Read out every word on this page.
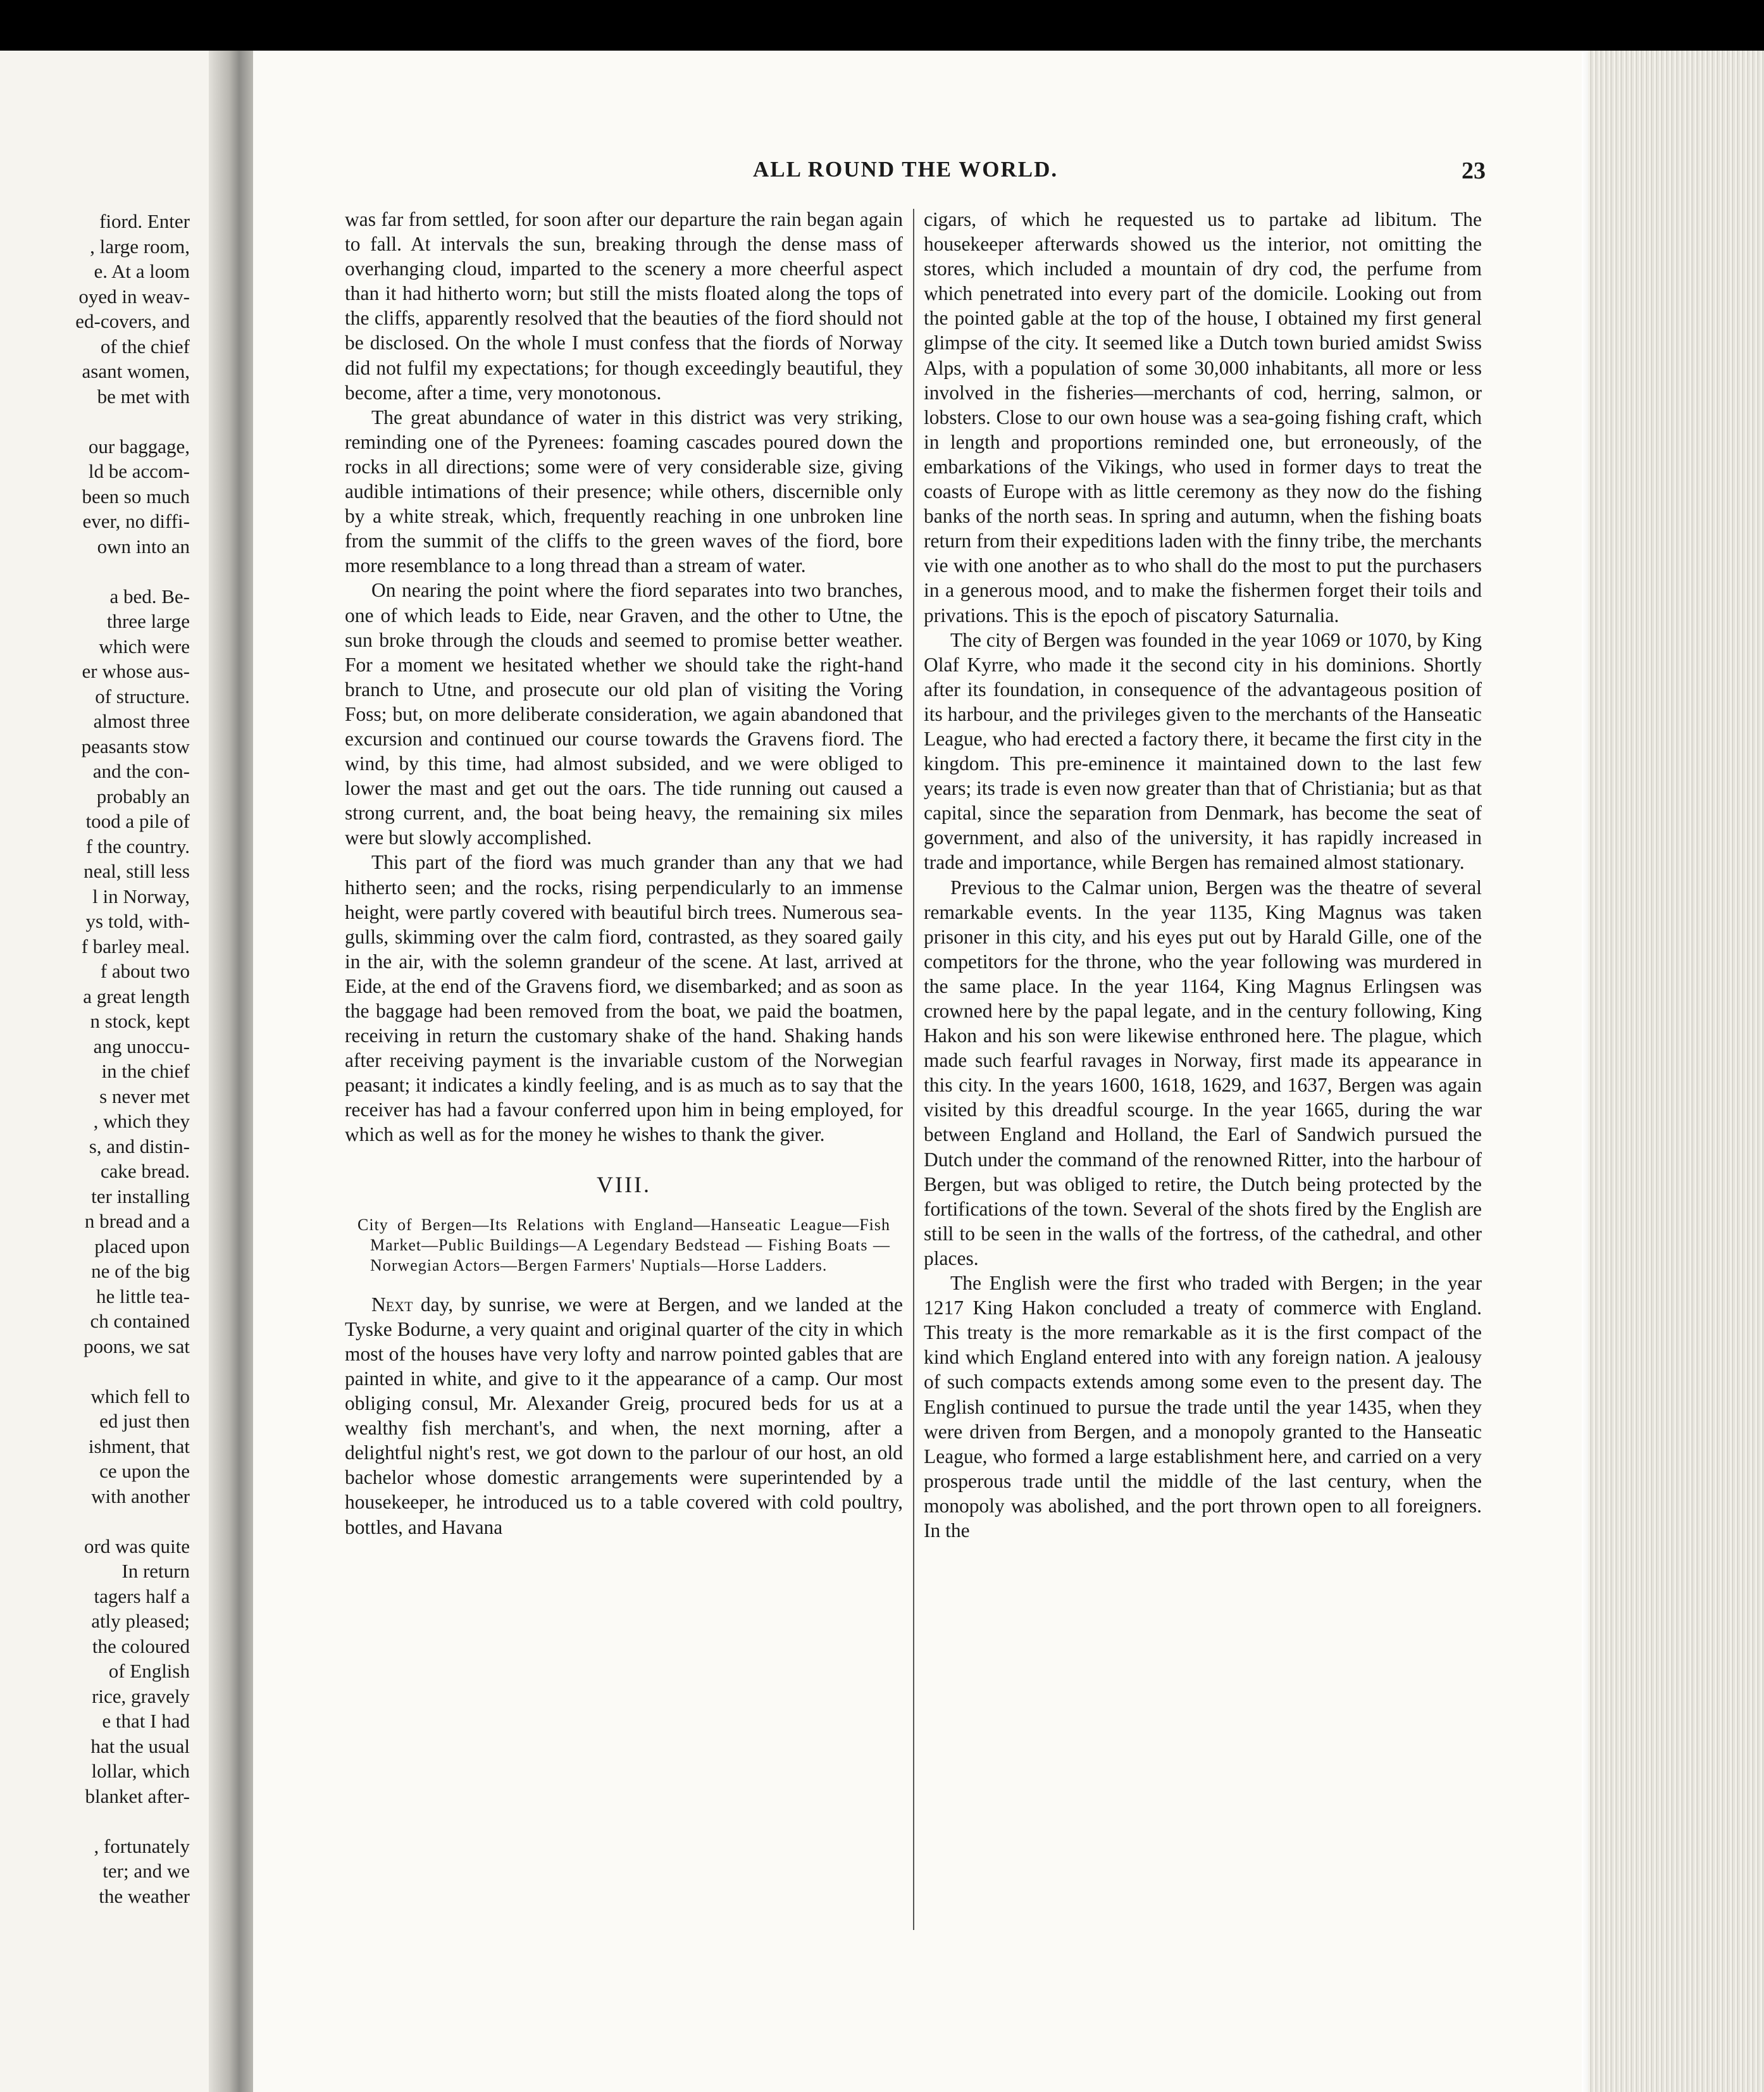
fiord. Enter
, large room,
e. At a loom
oyed in weav-
ed-covers, and
of the chief
asant women,
be met with
our baggage,
ld be accom-
been so much
ever, no diffi-
own into an
a bed. Be-
three large
which were
er whose aus-
of structure.
almost three
peasants stow
and the con-
probably an
tood a pile of
f the country.
neal, still less
l in Norway,
ys told, with-
f barley meal.
f about two
a great length
n stock, kept
ang unoccu-
in the chief
s never met
, which they
s, and distin-
cake bread.
ter installing
n bread and a
placed upon
ne of the big
he little tea-
ch contained
poons, we sat
which fell to
ed just then
ishment, that
ce upon the
with another
ord was quite
In return
tagers half a
atly pleased;
the coloured
of English
rice, gravely
e that I had
hat the usual
lollar, which
blanket after-
, fortunately
ter; and we
the weather
ALL ROUND THE WORLD.	23

was far from settled, for soon after our departure the rain began again to fall. At intervals the sun, breaking through the dense mass of overhanging cloud, imparted to the scenery a more cheerful aspect than it had hitherto worn; but still the mists floated along the tops of the cliffs, apparently resolved that the beauties of the fiord should not be disclosed. On the whole I must confess that the fiords of Norway did not fulfil my expectations; for though exceedingly beautiful, they become, after a time, very monotonous.

The great abundance of water in this district was very striking, reminding one of the Pyrenees: foaming cascades poured down the rocks in all directions; some were of very considerable size, giving audible intimations of their presence; while others, discernible only by a white streak, which, frequently reaching in one unbroken line from the summit of the cliffs to the green waves of the fiord, bore more resemblance to a long thread than a stream of water.

On nearing the point where the fiord separates into two branches, one of which leads to Eide, near Graven, and the other to Utne, the sun broke through the clouds and seemed to promise better weather. For a moment we hesitated whether we should take the right-hand branch to Utne, and prosecute our old plan of visiting the Voring Foss; but, on more deliberate consideration, we again abandoned that excursion and continued our course towards the Gravens fiord. The wind, by this time, had almost subsided, and we were obliged to lower the mast and get out the oars. The tide running out caused a strong current, and, the boat being heavy, the remaining six miles were but slowly accomplished.

This part of the fiord was much grander than any that we had hitherto seen; and the rocks, rising perpendicularly to an immense height, were partly covered with beautiful birch trees. Numerous sea-gulls, skimming over the calm fiord, contrasted, as they soared gaily in the air, with the solemn grandeur of the scene. At last, arrived at Eide, at the end of the Gravens fiord, we disembarked; and as soon as the baggage had been removed from the boat, we paid the boatmen, receiving in return the customary shake of the hand. Shaking hands after receiving payment is the invariable custom of the Norwegian peasant; it indicates a kindly feeling, and is as much as to say that the receiver has had a favour conferred upon him in being employed, for which as well as for the money he wishes to thank the giver.

VIII.
City of Bergen—Its Relations with England—Hanseatic League—Fish Market—Public Buildings—A Legendary Bedstead — Fishing Boats — Norwegian Actors—Bergen Farmers' Nuptials—Horse Ladders.

Next day, by sunrise, we were at Bergen, and we landed at the Tyske Bodurne, a very quaint and original quarter of the city in which most of the houses have very lofty and narrow pointed gables that are painted in white, and give to it the appearance of a camp. Our most obliging consul, Mr. Alexander Greig, procured beds for us at a wealthy fish merchant's, and when, the next morning, after a delightful night's rest, we got down to the parlour of our host, an old bachelor whose domestic arrangements were superintended by a housekeeper, he introduced us to a table covered with cold poultry, bottles, and Havana

cigars, of which he requested us to partake ad libitum. The housekeeper afterwards showed us the interior, not omitting the stores, which included a mountain of dry cod, the perfume from which penetrated into every part of the domicile. Looking out from the pointed gable at the top of the house, I obtained my first general glimpse of the city. It seemed like a Dutch town buried amidst Swiss Alps, with a population of some 30,000 inhabitants, all more or less involved in the fisheries—merchants of cod, herring, salmon, or lobsters. Close to our own house was a sea-going fishing craft, which in length and proportions reminded one, but erroneously, of the embarkations of the Vikings, who used in former days to treat the coasts of Europe with as little ceremony as they now do the fishing banks of the north seas. In spring and autumn, when the fishing boats return from their expeditions laden with the finny tribe, the merchants vie with one another as to who shall do the most to put the purchasers in a generous mood, and to make the fishermen forget their toils and privations. This is the epoch of piscatory Saturnalia.

The city of Bergen was founded in the year 1069 or 1070, by King Olaf Kyrre, who made it the second city in his dominions. Shortly after its foundation, in consequence of the advantageous position of its harbour, and the privileges given to the merchants of the Hanseatic League, who had erected a factory there, it became the first city in the kingdom. This pre-eminence it maintained down to the last few years; its trade is even now greater than that of Christiania; but as that capital, since the separation from Denmark, has become the seat of government, and also of the university, it has rapidly increased in trade and importance, while Bergen has remained almost stationary.

Previous to the Calmar union, Bergen was the theatre of several remarkable events. In the year 1135, King Magnus was taken prisoner in this city, and his eyes put out by Harald Gille, one of the competitors for the throne, who the year following was murdered in the same place. In the year 1164, King Magnus Erlingsen was crowned here by the papal legate, and in the century following, King Hakon and his son were likewise enthroned here. The plague, which made such fearful ravages in Norway, first made its appearance in this city. In the years 1600, 1618, 1629, and 1637, Bergen was again visited by this dreadful scourge. In the year 1665, during the war between England and Holland, the Earl of Sandwich pursued the Dutch under the command of the renowned Ritter, into the harbour of Bergen, but was obliged to retire, the Dutch being protected by the fortifications of the town. Several of the shots fired by the English are still to be seen in the walls of the fortress, of the cathedral, and other places.

The English were the first who traded with Bergen; in the year 1217 King Hakon concluded a treaty of commerce with England. This treaty is the more remarkable as it is the first compact of the kind which England entered into with any foreign nation. A jealousy of such compacts extends among some even to the present day. The English continued to pursue the trade until the year 1435, when they were driven from Bergen, and a monopoly granted to the Hanseatic League, who formed a large establishment here, and carried on a very prosperous trade until the middle of the last century, when the monopoly was abolished, and the port thrown open to all foreigners. In the
